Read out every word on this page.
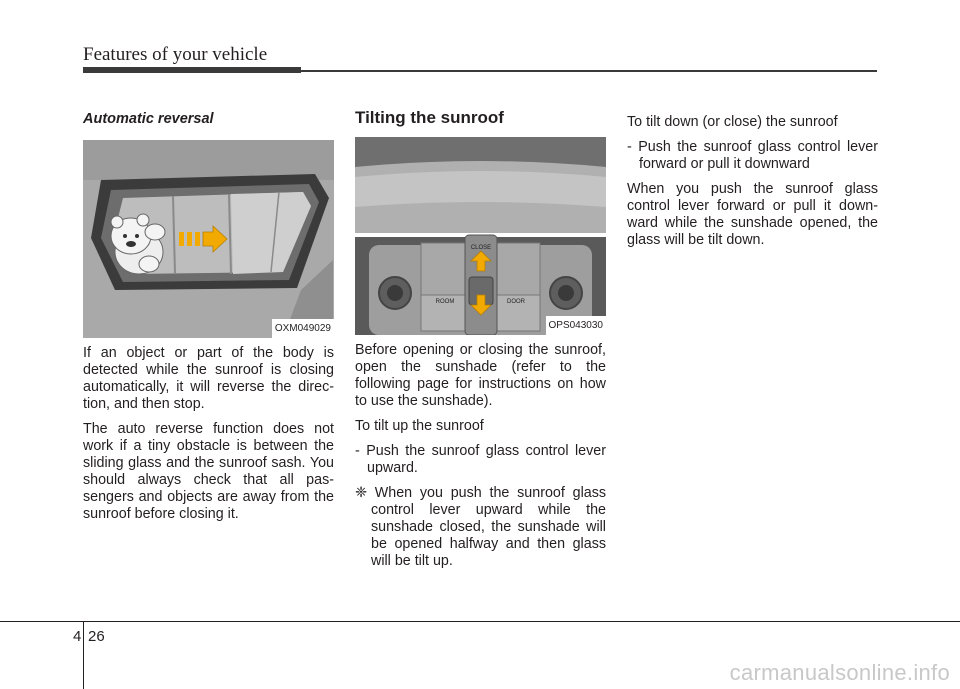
Features of your vehicle
Automatic reversal
OXM049029

If an object or part of the body is detected while the sunroof is closing automatically, it will reverse the direction, and then stop.

The auto reverse function does not work if a tiny obstacle is between the sliding glass and the sunroof sash. You should always check that all passengers and objects are away from the sunroof before closing it.

Tilting the sunroof
CLOSE
ROOM	DOOR
OPS043030

Before opening or closing the sunroof, open the sunshade (refer to the following page for instructions on how to use the sunshade).

To tilt up the sunroof

- Push the sunroof glass control lever upward.
❈ When you push the sunroof glass control lever upward while the sunshade closed, the sunshade will be opened halfway and then glass will be tilt up.

To tilt down (or close) the sunroof

- Push the sunroof glass control lever forward or pull it downward

When you push the sunroof glass control lever forward or pull it downward while the sunshade opened, the glass will be tilt down.

4 26
carmanualsonline.info
